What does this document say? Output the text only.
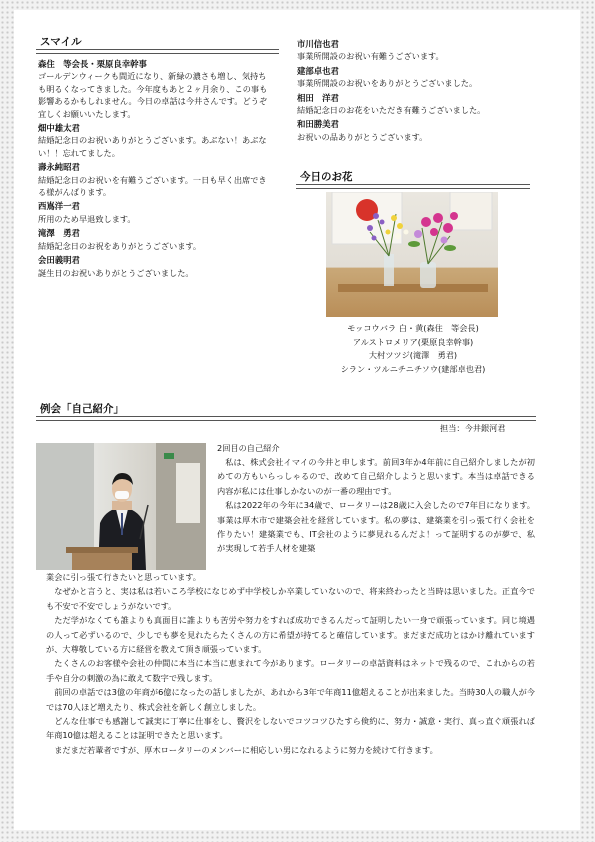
スマイル
森住　等会長・栗原良幸幹事

ゴールデンウィークも間近になり、新緑の濃さも増し、気持ちも明るくなってきました。今年度もあと２ヶ月余り、この事も影響あるかもしれません。今日の卓話は今井さんです。どうぞ宜しくお願いいたします。

畑中雄太君

結婚記念日のお祝いありがとうございます。あぶない！あぶない！！忘れてました。

壽永純昭君

結婚記念日のお祝いを有難うございます。一日も早く出席できる様がんばります。

西嶌洋一君

所用のため早退致します。

滝澤　勇君

結婚記念日のお祝をありがとうございます。

会田義明君

誕生日のお祝いありがとうございました。

市川信也君

事業所開設のお祝い有難うございます。

建部卓也君

事業所開設のお祝いをありがとうございました。

相田　洋君

結婚記念日のお花をいただき有難うございました。

和田勝美君

お祝いの品ありがとうございます。

今日のお花
モッコウバラ 白・黄(森住　等会長)
アルストロメリア(栗原良幸幹事)
大村ツツジ(滝澤　勇君)
シラン・ツルニチニチソウ(建部卓也君)
例会「自己紹介」
担当：今井銀河君
2回目の自己紹介

私は、株式会社イマイの今井と申します。前回3年か4年前に自己紹介しましたが初めての方もいらっしゃるので、改めて自己紹介しようと思います。本当は卓話できる内容が私には仕事しかないのが一番の理由です。

私は2022年の今年に34歳で、ロータリーは28歳に入会したので7年目になります。事業は厚木市で建築会社を経営しています。私の夢は、建築業を引っ張て行く会社を作りたい！建築業でも、IT会社のように夢見れるんだよ！って証明するのが夢で、私が実現して若手人材を建築

業会に引っ張て行きたいと思っています。

なぜかと言うと、実は私は若いころ学校になじめず中学校しか卒業していないので、将来終わったと当時は思いました。正直今でも不安で不安でしょうがないです。

ただ学がなくても誰よりも真面目に誰よりも苦労や努力をすれば成功できるんだって証明したい一身で頑張っています。同じ境遇の人って必ずいるので、少しでも夢を見れたらたくさんの方に希望が持てると確信しています。まだまだ成功とはかけ離れていますが、大尊敬している方に経営を教えて頂き頑張っています。

たくさんのお客様や会社の仲間に本当に本当に恵まれて今があります。ロータリーの卓話資料はネットで残るので、これからの若手や自分の刺激の為に敢えて数字で残します。

前回の卓話では3億の年商が6億になったの話しましたが、あれから3年で年商11億超えることが出来ました。当時30人の職人が今では70人ほど増えたり、株式会社を新しく創立しました。

どんな仕事でも感謝して誠実に丁寧に仕事をし、贅沢をしないでコツコツひたすら倹約に、努力・誠意・実行、真っ直ぐ頑張れば年商10億は超えることは証明できたと思います。

まだまだ若輩者ですが、厚木ロータリーのメンバーに相応しい男になれるように努力を続けて行きます。
